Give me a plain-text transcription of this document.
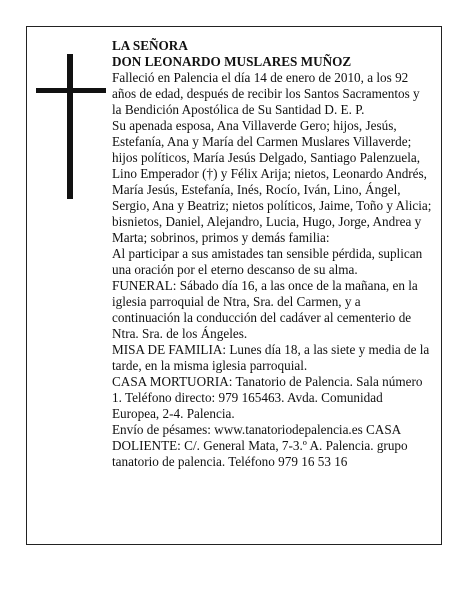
LA SEÑORA
DON LEONARDO MUSLARES MUÑOZ

Falleció en Palencia el día 14 de enero de 2010, a los 92 años de edad, después de recibir los Santos Sacramentos y la Bendición Apostólica de Su Santidad D. E. P.

Su apenada esposa, Ana Villaverde Gero; hijos, Jesús, Estefanía, Ana y María del Carmen Muslares Villaverde; hijos políticos, María Jesús Delgado, Santiago Palenzuela, Lino Emperador (†) y Félix Arija; nietos, Leonardo Andrés, María Jesús, Estefanía, Inés, Rocío, Iván, Lino, Ángel, Sergio, Ana y Beatriz; nietos políticos, Jaime, Toño y Alicia; bisnietos, Daniel, Alejandro, Lucia, Hugo, Jorge, Andrea y Marta; sobrinos, primos y demás familia:

Al participar a sus amistades tan sensible pérdida, suplican una oración por el eterno descanso de su alma.

FUNERAL: Sábado día 16, a las once de la mañana, en la iglesia parroquial de Ntra, Sra. del Carmen, y a continuación la conducción del cadáver al cementerio de Ntra. Sra. de los Ángeles.

MISA DE FAMILIA: Lunes día 18, a las siete y media de la tarde, en la misma iglesia parroquial.

CASA MORTUORIA: Tanatorio de Palencia. Sala número 1. Teléfono directo: 979 165463. Avda. Comunidad Europea, 2-4. Palencia.

Envío de pésames: www.tanatoriodepalencia.es CASA DOLIENTE: C/. General Mata, 7-3.º A. Palencia. grupo tanatorio de palencia. Teléfono 979 16 53 16
